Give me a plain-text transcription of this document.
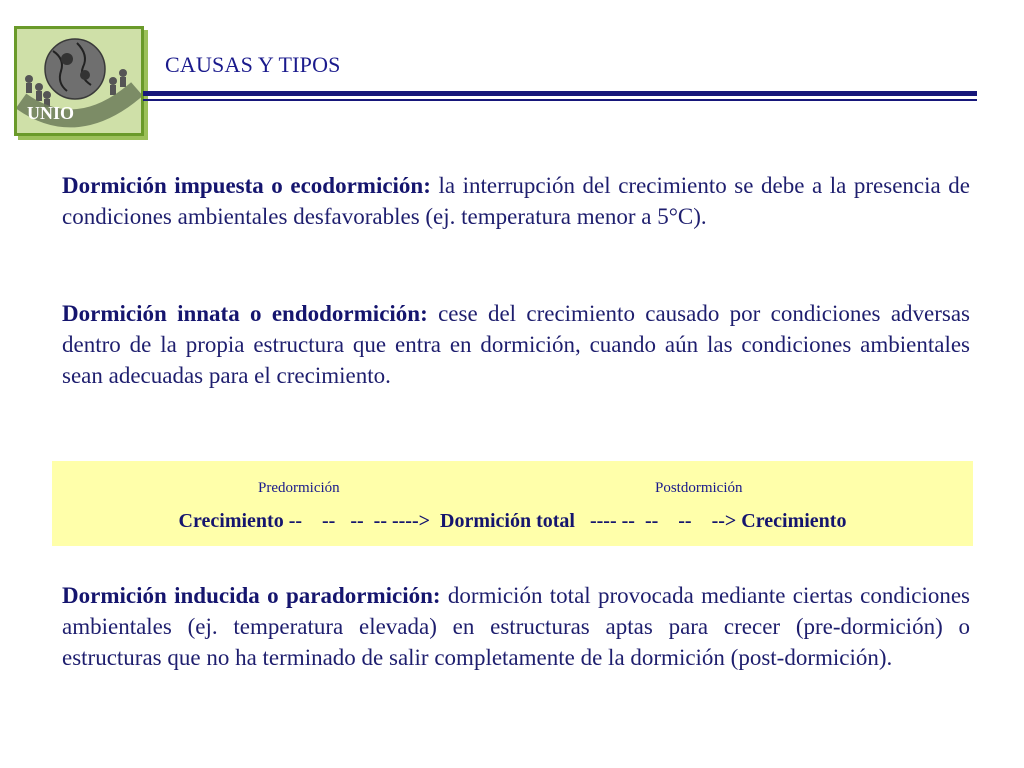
UNIO
CAUSAS Y TIPOS

Dormición impuesta o ecodormición: la interrupción del crecimiento se debe a la presencia de condiciones ambientales desfavorables (ej. temperatura menor a 5°C).

Dormición innata o endodormición: cese del crecimiento causado por condiciones adversas dentro de la propia estructura que entra en dormición, cuando aún las condiciones ambientales sean adecuadas para el crecimiento.

Predormición	Postdormición
Crecimiento --    --   --  -- ---->  Dormición total   ---- --  --    --    --> Crecimiento

Dormición inducida o paradormición: dormición total provocada mediante ciertas condiciones ambientales (ej. temperatura elevada) en estructuras aptas para crecer (pre-dormición) o estructuras que no ha terminado de salir completamente de la dormición (post-dormición).
